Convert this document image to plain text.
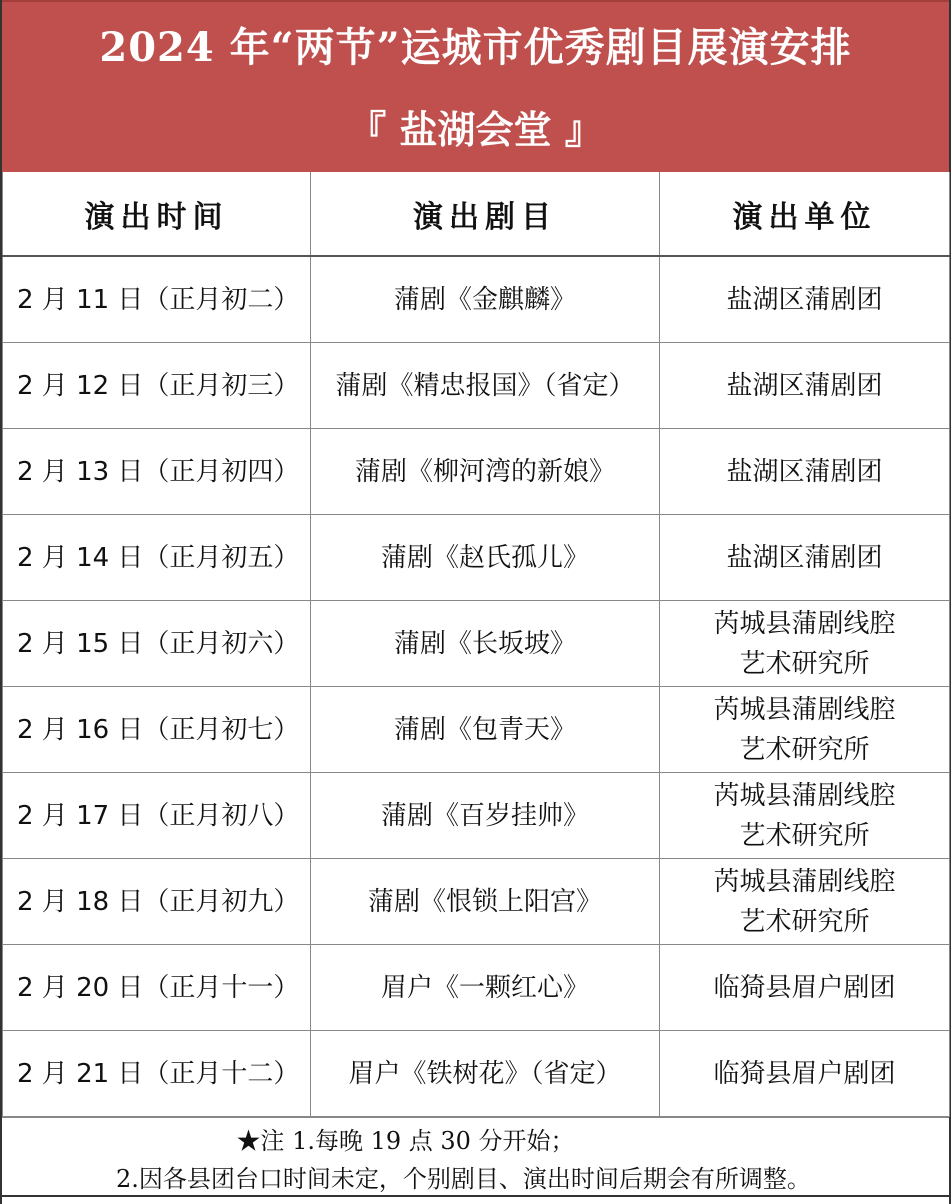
2024 年“两节”运城市优秀剧目展演安排
『 盐湖会堂 』
演出时间	演出剧目	演出单位
2 月 11 日（正月初二）	蒲剧《金麒麟》	盐湖区蒲剧团

2 月 12 日（正月初三）	蒲剧《精忠报国》（省定）	盐湖区蒲剧团

2 月 13 日（正月初四）	蒲剧《柳河湾的新娘》	盐湖区蒲剧团

2 月 14 日（正月初五）	蒲剧《赵氏孤儿》	盐湖区蒲剧团

2 月 15 日（正月初六）	蒲剧《长坂坡》	芮城县蒲剧线腔
艺术研究所

2 月 16 日（正月初七）	蒲剧《包青天》	芮城县蒲剧线腔
艺术研究所

2 月 17 日（正月初八）	蒲剧《百岁挂帅》	芮城县蒲剧线腔
艺术研究所

2 月 18 日（正月初九）	蒲剧《恨锁上阳宫》	芮城县蒲剧线腔
艺术研究所

2 月 20 日（正月十一）	眉户《一颗红心》	临猗县眉户剧团

2 月 21 日（正月十二）	眉户《铁树花》（省定）	临猗县眉户剧团
★注 1.每晚 19 点 30 分开始；
2.因各县团台口时间未定，个别剧目、演出时间后期会有所调整。
